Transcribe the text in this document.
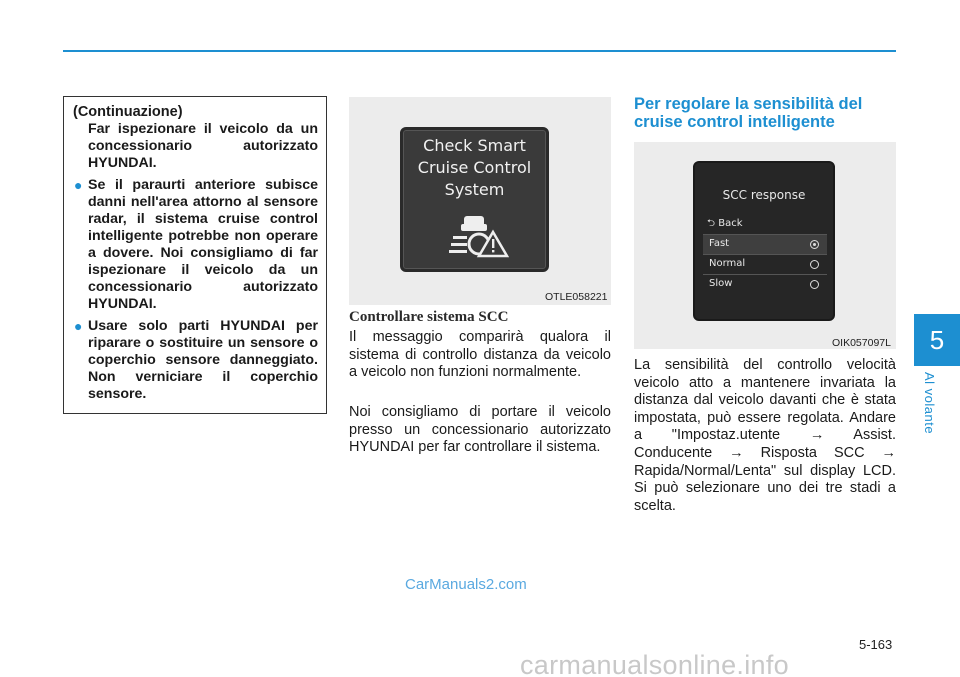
5
Al volante
(Continuazione)

Far ispezionare il veicolo da un concessionario autorizzato HYUNDAI.

● Se il paraurti anteriore subisce danni nell'area attorno al sensore radar, il sistema cruise control intelligente potrebbe non operare a dovere. Noi consigliamo di far ispezionare il veicolo da un concessionario autorizzato HYUNDAI.

● Usare solo parti HYUNDAI per riparare o sostituire un sensore o coperchio sensore danneggiato. Non verniciare il coperchio sensore.

Check Smart
Cruise Control
System
OTLE058221
Controllare sistema SCC

Il messaggio comparirà qualora il sistema di controllo distanza da veicolo a veicolo non funzioni normalmente.

Noi consigliamo di portare il veicolo presso un concessionario autorizzato HYUNDAI per far controllare il sistema.

Per regolare la sensibilità del cruise control intelligente
SCC response
⮌ Back
Fast
Normal
Slow
OIK057097L

La sensibilità del controllo velocità veicolo atto a mantenere invariata la distanza dal veicolo davanti che è stata impostata, può essere regolata. Andare a "Impostaz.utente → Assist. Conducente → Risposta SCC → Rapida/Normal/Lenta" sul display LCD. Si può selezionare uno dei tre stadi a scelta.

CarManuals2.com
5-163
carmanualsonline.info
